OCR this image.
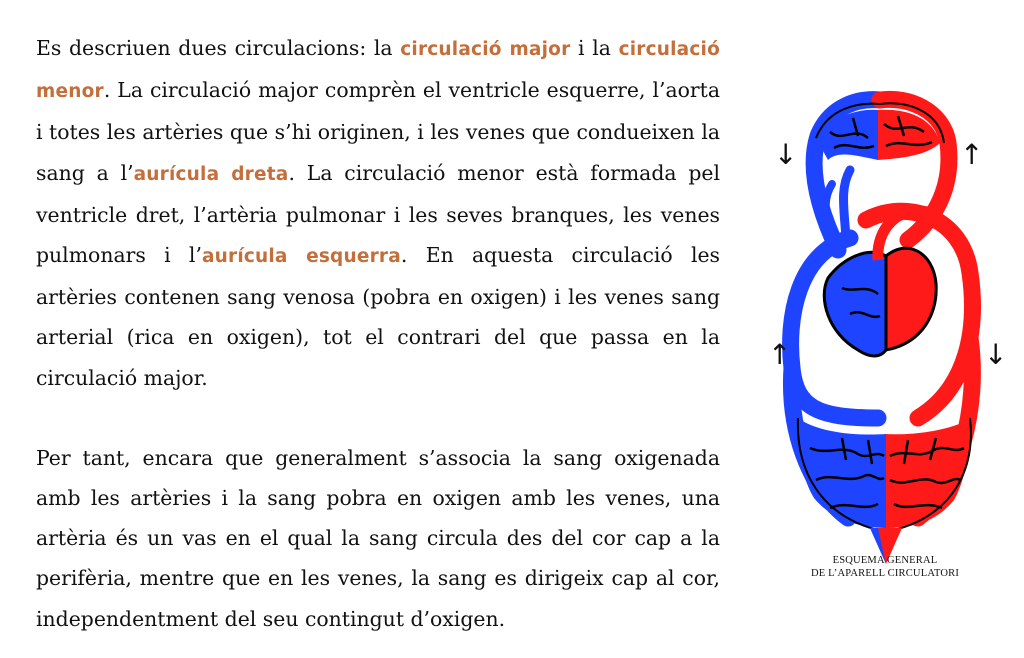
Es descriuen dues circulacions: la circulació major i la circulació menor. La circulació major comprèn el ventricle esquerre, l’aorta i totes les artèries que s’hi originen, i les venes que condueixen la sang a l’aurícula dreta. La circulació menor està formada pel ventricle dret, l’artèria pulmonar i les seves branques, les venes pulmonars i l’aurícula esquerra. En aquesta circulació les artèries contenen sang venosa (pobra en oxigen) i les venes sang arterial (rica en oxigen), tot el contrari del que passa en la circulació major.

Per tant, encara que generalment s’associa la sang oxigenada amb les artèries i la sang pobra en oxigen amb les venes, una artèria és un vas en el qual la sang circula des del cor cap a la perifèria, mentre que en les venes, la sang es dirigeix cap al cor, independentment del seu contingut d’oxigen.

↓	↑
↑	↓
ESQUEMA GENERAL
DE L’APARELL CIRCULATORI
